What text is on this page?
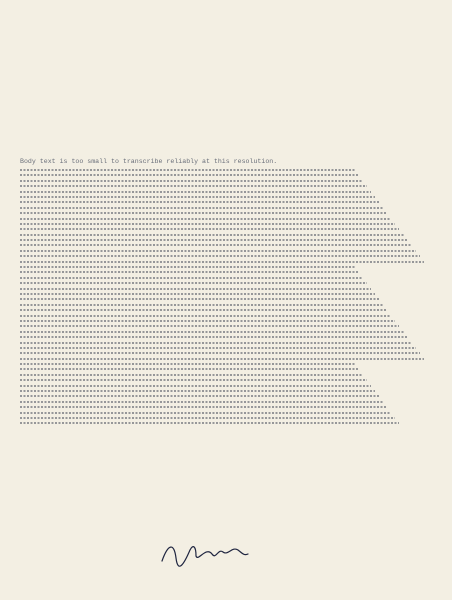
Body text is too small to transcribe reliably at this resolution.
